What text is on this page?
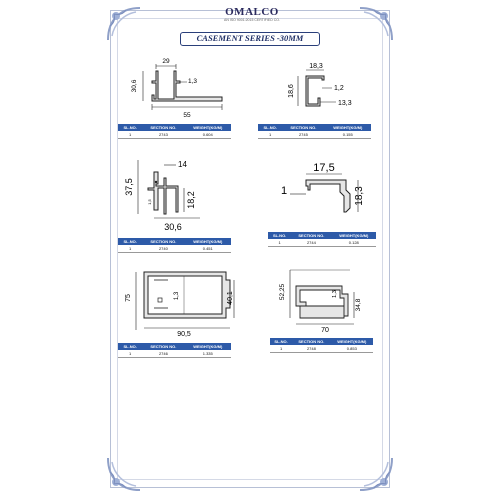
OMALCO
AN ISO 9001:2015 CERTIFIED CO.
CASEMENT SERIES -30MM
29
30,6	1,3
55
SL.NO.	SECTION NO.	WEIGHT(KG/M)
1	2743	0.604
18,3
18,6	1,2
13,3
SL.NO.	SECTION NO.	WEIGHT(KG/M)
1	2745	0.155
14
37,5
1,5	18,2
30,6
SL.NO.	SECTION NO.	WEIGHT(KG/M)
1	2740	0.451
17,5
1	18,3
SL.NO.	SECTION NO.	WEIGHT(KG/M)
1	2744	0.128
1,3
75	40,1
90,5
SL.NO.	SECTION NO.	WEIGHT(KG/M)
1	2746	1.335
52,25	1,3
34,8
70
SL.NO.	SECTION NO.	WEIGHT(KG/M)
1	2748	0.853
